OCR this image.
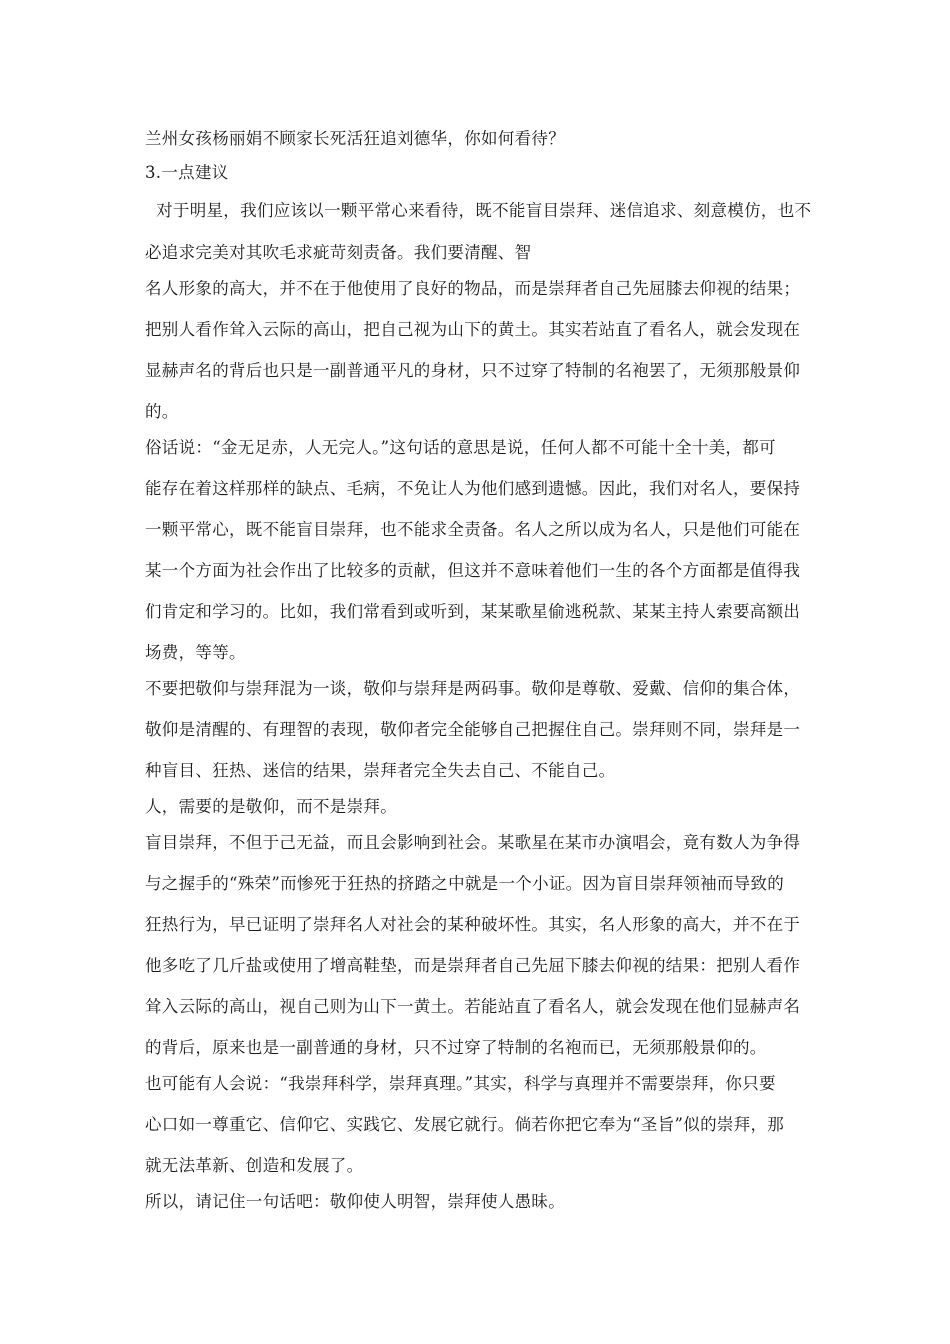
兰州女孩杨丽娟不顾家长死活狂追刘德华，你如何看待？
3.一点建议
对于明星，我们应该以一颗平常心来看待，既不能盲目崇拜、迷信追求、刻意模仿，也不
必追求完美对其吹毛求疵苛刻责备。我们要清醒、智
名人形象的高大，并不在于他使用了良好的物品，而是崇拜者自己先屈膝去仰视的结果；
把别人看作耸入云际的高山，把自己视为山下的黄土。其实若站直了看名人，就会发现在
显赫声名的背后也只是一副普通平凡的身材，只不过穿了特制的名袍罢了，无须那般景仰
的。
俗话说：“金无足赤，人无完人。”这句话的意思是说，任何人都不可能十全十美，都可
能存在着这样那样的缺点、毛病，不免让人为他们感到遗憾。因此，我们对名人，要保持
一颗平常心，既不能盲目崇拜，也不能求全责备。名人之所以成为名人，只是他们可能在
某一个方面为社会作出了比较多的贡献，但这并不意味着他们一生的各个方面都是值得我
们肯定和学习的。比如，我们常看到或听到，某某歌星偷逃税款、某某主持人索要高额出
场费，等等。
不要把敬仰与崇拜混为一谈，敬仰与崇拜是两码事。敬仰是尊敬、爱戴、信仰的集合体，
敬仰是清醒的、有理智的表现，敬仰者完全能够自己把握住自己。崇拜则不同，崇拜是一
种盲目、狂热、迷信的结果，崇拜者完全失去自己、不能自己。
人，需要的是敬仰，而不是崇拜。
盲目崇拜，不但于己无益，而且会影响到社会。某歌星在某市办演唱会，竟有数人为争得
与之握手的“殊荣”而惨死于狂热的挤踏之中就是一个小证。因为盲目崇拜领袖而导致的
狂热行为，早已证明了崇拜名人对社会的某种破坏性。其实，名人形象的高大，并不在于
他多吃了几斤盐或使用了增高鞋垫，而是崇拜者自己先屈下膝去仰视的结果：把别人看作
耸入云际的高山，视自己则为山下一黄土。若能站直了看名人，就会发现在他们显赫声名
的背后，原来也是一副普通的身材，只不过穿了特制的名袍而已，无须那般景仰的。
也可能有人会说：“我崇拜科学，崇拜真理。”其实，科学与真理并不需要崇拜，你只要
心口如一尊重它、信仰它、实践它、发展它就行。倘若你把它奉为“圣旨”似的崇拜，那
就无法革新、创造和发展了。
所以，请记住一句话吧：敬仰使人明智，崇拜使人愚昧。
